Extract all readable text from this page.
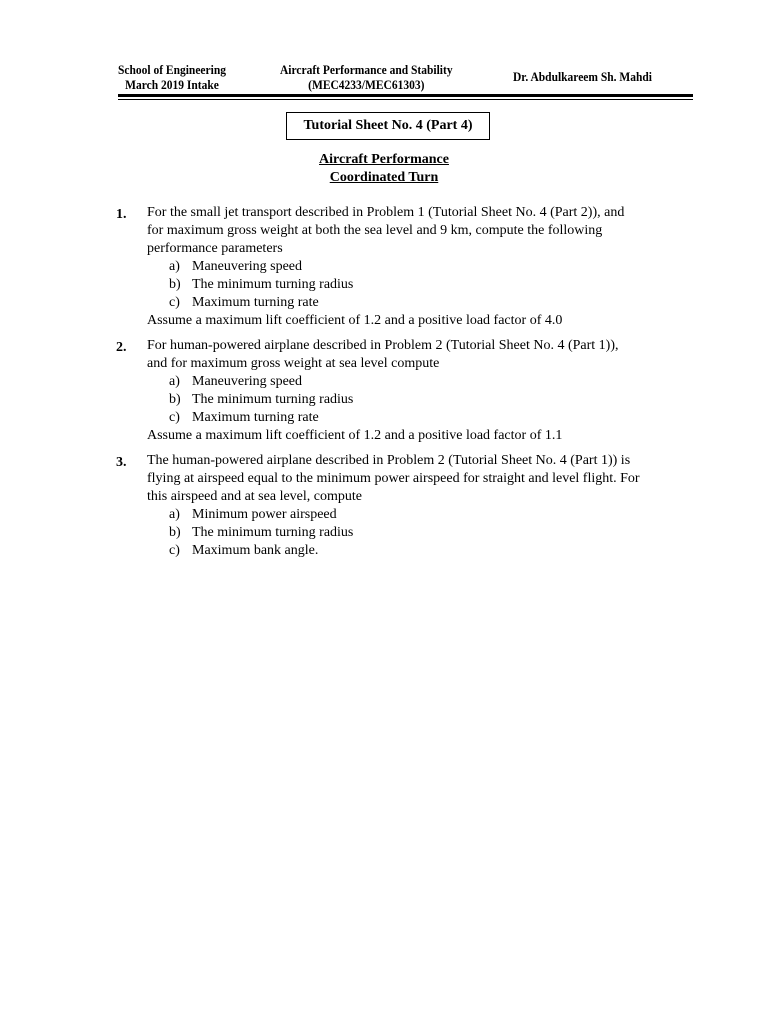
School of Engineering
March 2019 Intake
Aircraft Performance and Stability
(MEC4233/MEC61303)
Dr. Abdulkareem Sh. Mahdi
Tutorial Sheet No. 4 (Part 4)
Aircraft Performance
Coordinated Turn
1. For the small jet transport described in Problem 1 (Tutorial Sheet No. 4 (Part 2)), and
for maximum gross weight at both the sea level and 9 km, compute the following
performance parameters
a) Maneuvering speed
b) The minimum turning radius
c) Maximum turning rate
Assume a maximum lift coefficient of 1.2 and a positive load factor of 4.0
2. For human-powered airplane described in Problem 2 (Tutorial Sheet No. 4 (Part 1)),
and for maximum gross weight at sea level compute
a) Maneuvering speed
b) The minimum turning radius
c) Maximum turning rate
Assume a maximum lift coefficient of 1.2 and a positive load factor of 1.1
3. The human-powered airplane described in Problem 2 (Tutorial Sheet No. 4 (Part 1)) is
flying at airspeed equal to the minimum power airspeed for straight and level flight. For
this airspeed and at sea level, compute
a) Minimum power airspeed
b) The minimum turning radius
c) Maximum bank angle.
